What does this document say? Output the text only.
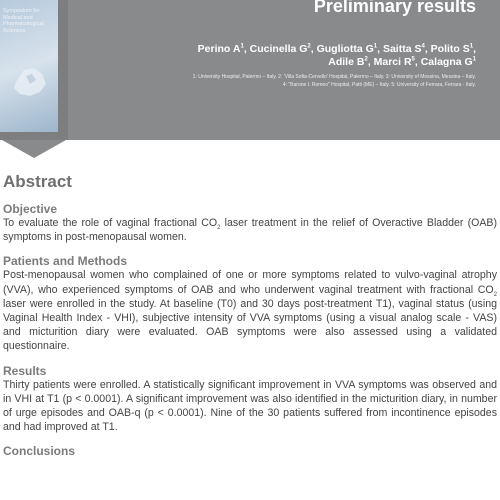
Symposium for Medical and Pharmacological Sciences
Preliminary results
Perino $A^1$, Cucinella $G^2$, Gugliotta $G^1$, Saitta $S^4$, Polito $S^1$,
Adile $B^2$, Marci $R^5$, Calagna $G^1$
1: University Hospital, Palermo – Italy. 2: 'Villa Sofia-Cervello' Hospital, Palermo – Italy. 3: University of Messina, Messina – Italy.
4: "Barone I. Romeo" Hospital, Patti (ME) – Italy. 5: University of Ferrara, Ferrara - Italy.
Abstract
Objective

To evaluate the role of vaginal fractional $CO_2$ laser treatment in the relief of Overactive Bladder (OAB) symptoms in post-menopausal women.

Patients and Methods

Post-menopausal women who complained of one or more symptoms related to vulvo-vaginal atrophy (VVA), who experienced symptoms of OAB and who underwent vaginal treatment with fractional $CO_2$ laser were enrolled in the study. At baseline (T0) and 30 days post-treatment T1), vaginal status (using Vaginal Health Index - VHI), subjective intensity of VVA symptoms (using a visual analog scale - VAS) and micturition diary were evaluated. OAB symptoms were also assessed using a validated questionnaire.

Results

Thirty patients were enrolled. A statistically significant improvement in VVA symptoms was observed and in VHI at T1 (p < 0.0001). A significant improvement was also identified in the micturition diary, in number of urge episodes and OAB-q (p < 0.0001). Nine of the 30 patients suffered from incontinence episodes and had improved at T1.

Conclusions
